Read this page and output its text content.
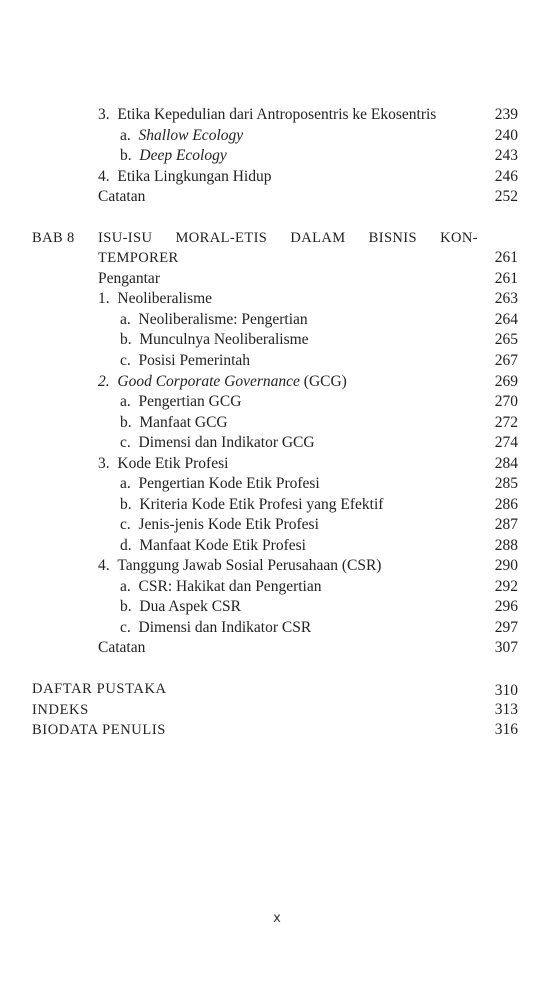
3. Etika Kepedulian dari Antroposentris ke Ekosentris	239
a. Shallow Ecology	240
b. Deep Ecology	243
4. Etika Lingkungan Hidup	246
Catatan	252
BAB 8 ISU-ISU MORAL-ETIS DALAM BISNIS KON-
TEMPORER	261
Pengantar	261
1. Neoliberalisme	263
a. Neoliberalisme: Pengertian	264
b. Munculnya Neoliberalisme	265
c. Posisi Pemerintah	267
2. Good Corporate Governance (GCG)	269
a. Pengertian GCG	270
b. Manfaat GCG	272
c. Dimensi dan Indikator GCG	274
3. Kode Etik Profesi	284
a. Pengertian Kode Etik Profesi	285
b. Kriteria Kode Etik Profesi yang Efektif	286
c. Jenis-jenis Kode Etik Profesi	287
d. Manfaat Kode Etik Profesi	288
4. Tanggung Jawab Sosial Perusahaan (CSR)	290
a. CSR: Hakikat dan Pengertian	292
b. Dua Aspek CSR	296
c. Dimensi dan Indikator CSR	297
Catatan	307
DAFTAR PUSTAKA	310
INDEKS	313
BIODATA PENULIS	316
x
